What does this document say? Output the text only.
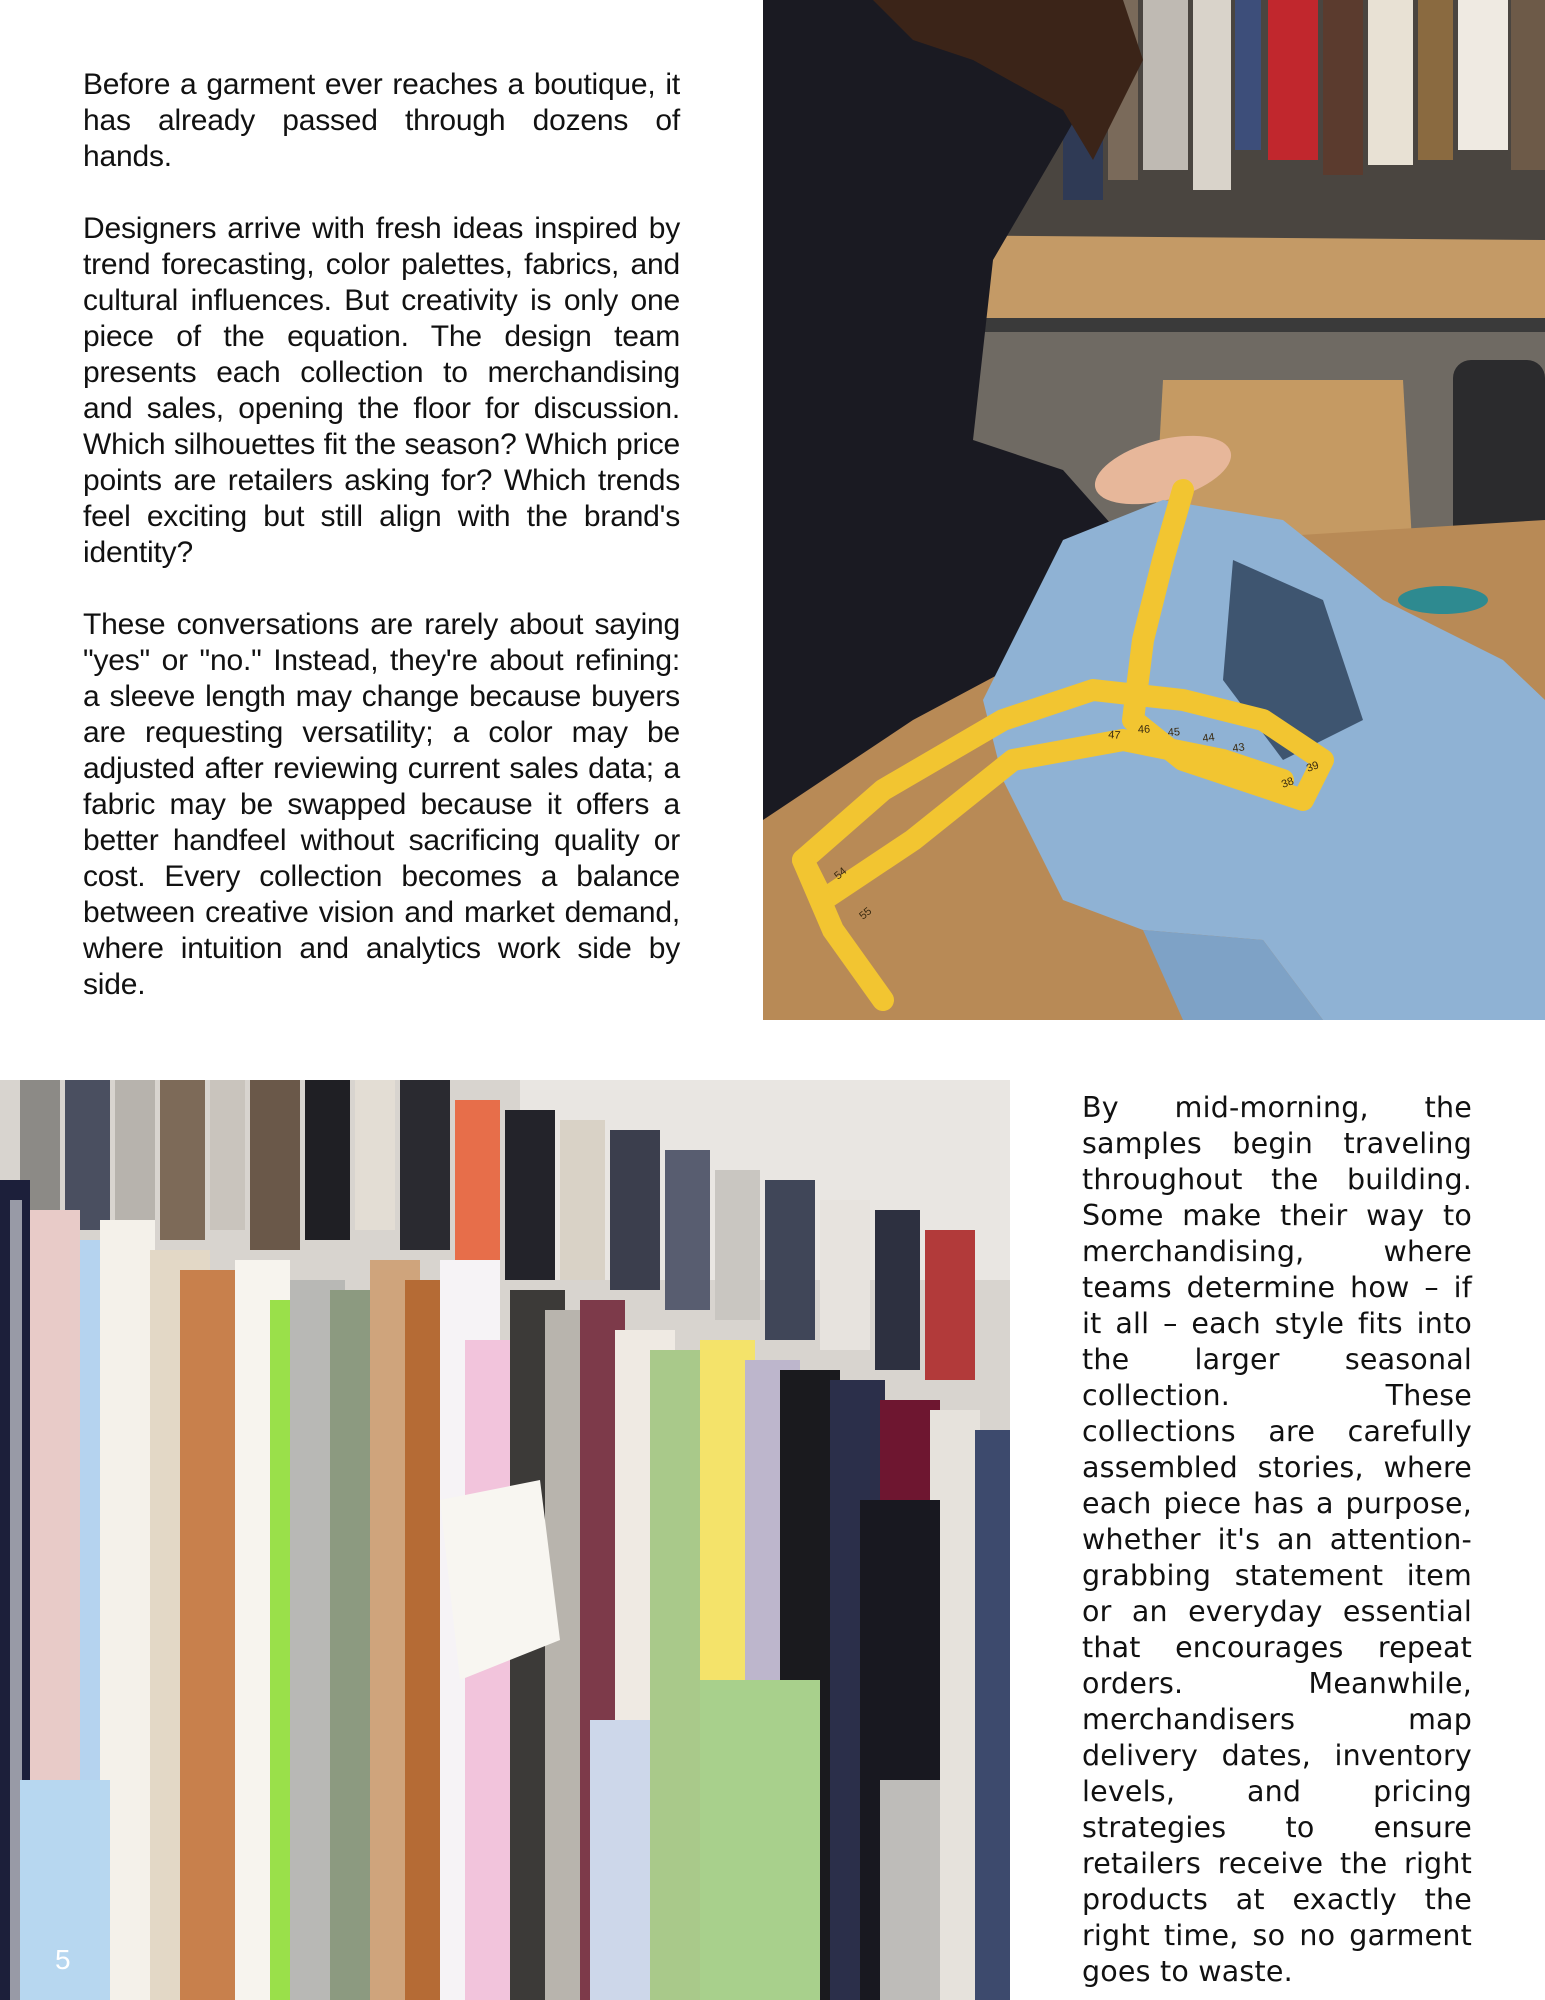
Before a garment ever reaches a boutique, it has already passed through dozens of hands.

Designers arrive with fresh ideas inspired by trend forecasting, color palettes, fabrics, and cultural influences. But creativity is only one piece of the equation. The design team presents each collection to merchandising and sales, opening the floor for discussion. Which silhouettes fit the season? Which price points are retailers asking for? Which trends feel exciting but still align with the brand's identity?

These conversations are rarely about saying "yes" or "no." Instead, they're about refining: a sleeve length may change because buyers are requesting versatility; a color may be adjusted after reviewing current sales data; a fabric may be swapped because it offers a better handfeel without sacrificing quality or cost. Every collection becomes a balance between creative vision and market demand, where intuition and analytics work side by side.

43
44
45
46
47
54
55
38
39

By mid-morning, the samples begin traveling throughout the building. Some make their way to merchandising, where teams determine how – if it all – each style fits into the larger seasonal collection. These collections are carefully assembled stories, where each piece has a purpose, whether it's an attention-grabbing statement item or an everyday essential that encourages repeat orders. Meanwhile, merchandisers map delivery dates, inventory levels, and pricing strategies to ensure retailers receive the right products at exactly the right time, so no garment goes to waste.

5
